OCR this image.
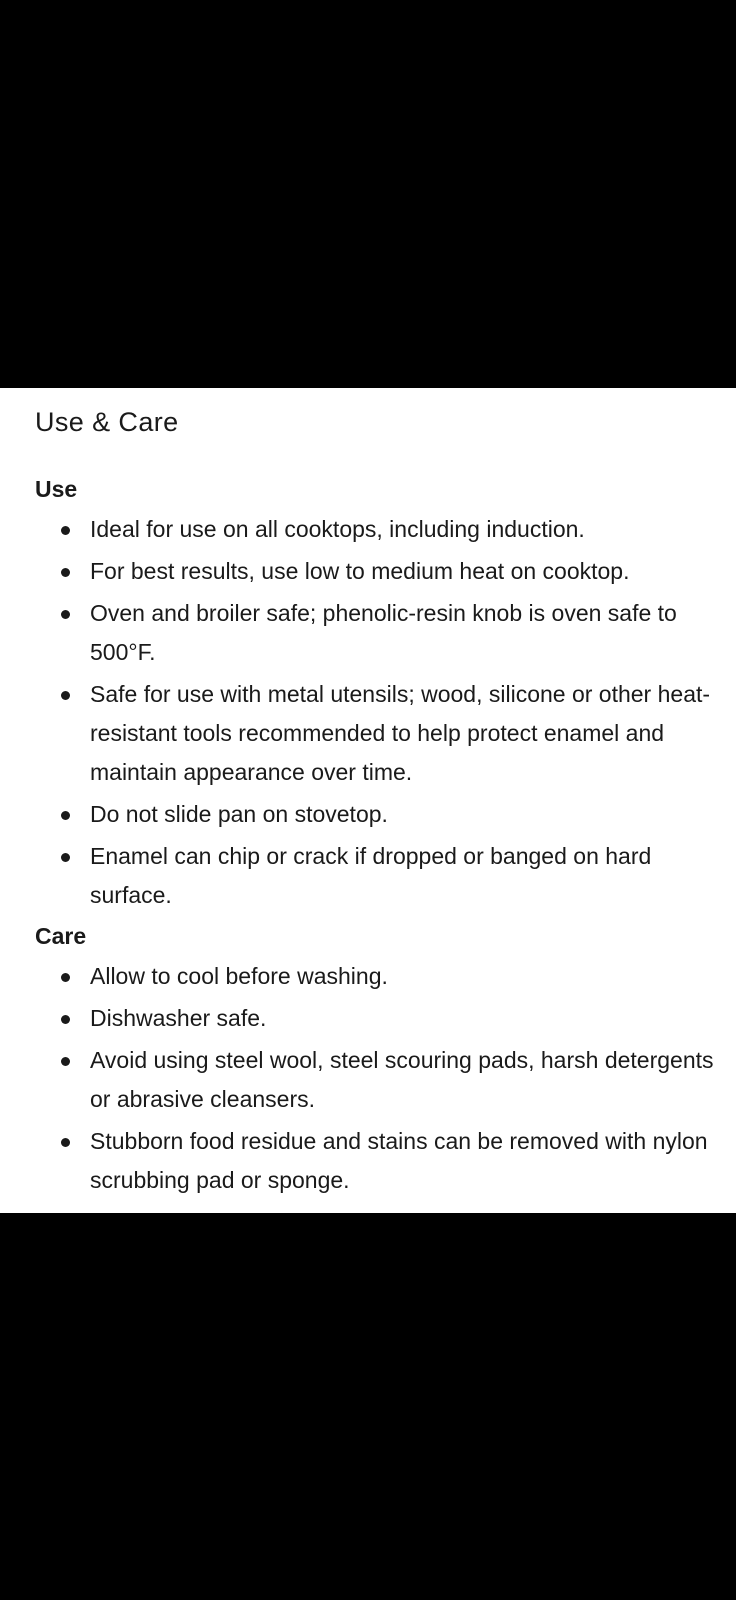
Use & Care
Use
Ideal for use on all cooktops, including induction.
For best results, use low to medium heat on cooktop.
Oven and broiler safe; phenolic-resin knob is oven safe to 500°F.
Safe for use with metal utensils; wood, silicone or other heat-resistant tools recommended to help protect enamel and maintain appearance over time.
Do not slide pan on stovetop.
Enamel can chip or crack if dropped or banged on hard surface.
Care
Allow to cool before washing.
Dishwasher safe.
Avoid using steel wool, steel scouring pads, harsh detergents or abrasive cleansers.
Stubborn food residue and stains can be removed with nylon scrubbing pad or sponge.
